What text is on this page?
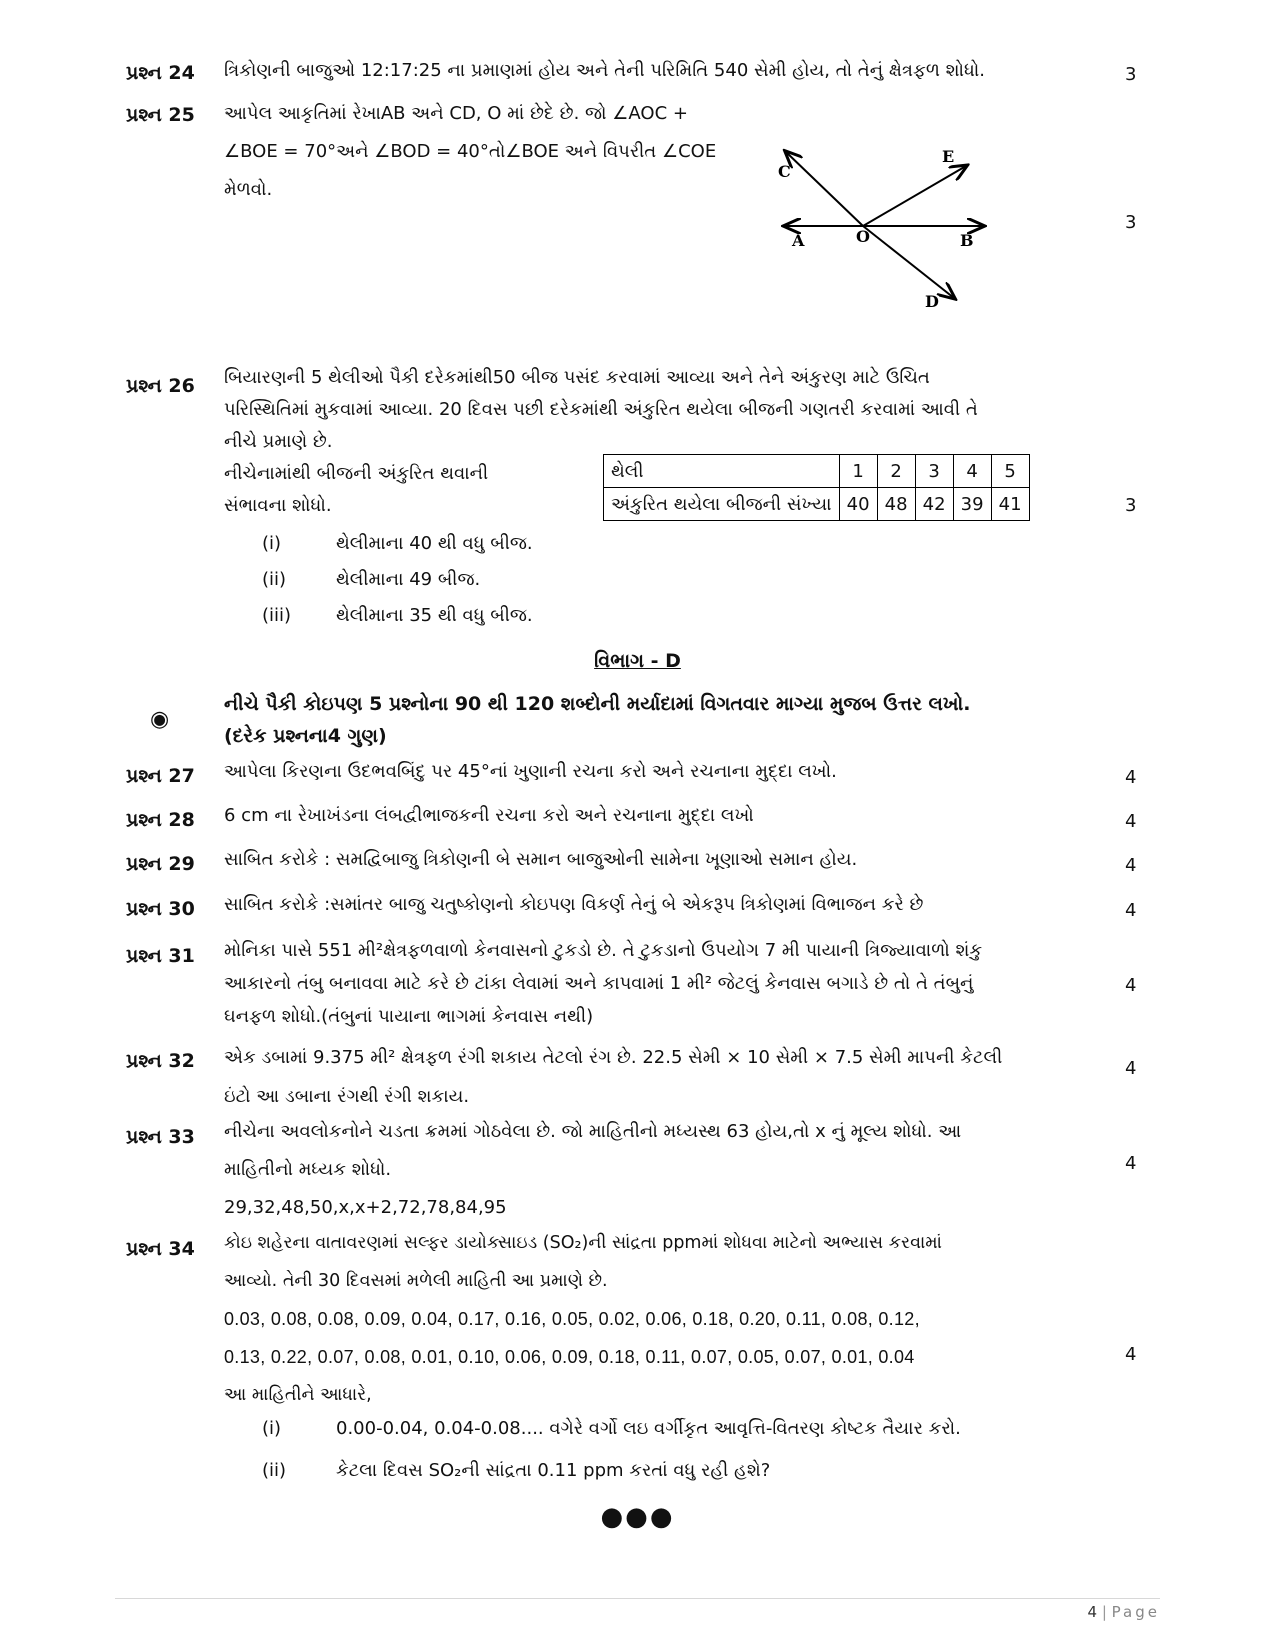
પ્રશ્ન 24 ત્રિકોણની બાજુઓ 12:17:25 ના પ્રમાણમાં હોય અને તેની પરિમિતિ 540 સેમી હોય, તો તેનું ક્ષેત્રફળ શોધો.	3
પ્રશ્ન 25 આપેલ આકૃતિમાં રેખાAB અને CD, O માં છેદે છે. જો ∠AOC +
∠BOE = 70°અને ∠BOD = 40°તો∠BOE અને વિપરીત ∠COE
મેળવો.
3
A	B
C
D
E
O
પ્રશ્ન 26 બિયારણની 5 થેલીઓ પૈકી દરેકમાંથી50 બીજ પસંદ કરવામાં આવ્યા અને તેને અંકુરણ માટે ઉચિત
પરિસ્થિતિમાં મુકવામાં આવ્યા. 20 દિવસ પછી દરેકમાંથી અંકુરિત થયેલા બીજની ગણતરી કરવામાં આવી તે
નીચે પ્રમાણે છે.
નીચેનામાંથી બીજની અંકુરિત થવાની
સંભાવના શોધો.	3
(i)	થેલીમાના 40 થી વધુ બીજ.
(ii)	થેલીમાના 49 બીજ.
(iii) થેલીમાના 35 થી વધુ બીજ.
થેલી	1	2	3	4	5
અંકુરિત થયેલા બીજની સંખ્યા	40	48	42	39	41
વિભાગ - D
◉
નીચે પૈકી કોઇપણ 5 પ્રશ્નોના 90 થી 120 શબ્દોની મર્યાદામાં વિગતવાર માગ્યા મુજબ ઉત્તર લખો.
(દરેક પ્રશ્નના4 ગુણ)
પ્રશ્ન 27 આપેલા કિરણના ઉદભવબિંદુ પર 45°નાં ખુણાની રચના કરો અને રચનાના મુદ્દા લખો.	4
પ્રશ્ન 28 6 cm ના રેખાખંડના લંબદ્વીભાજકની રચના કરો અને રચનાના મુદ્દા લખો	4
પ્રશ્ન 29 સાબિત કરોકે : સમદ્વિબાજુ ત્રિકોણની બે સમાન બાજુઓની સામેના ખૂણાઓ સમાન હોય.	4
પ્રશ્ન 30 સાબિત કરોકે :સમાંતર બાજુ ચતુષ્કોણનો કોઇપણ વિકર્ણ તેનું બે એકરૂપ ત્રિકોણમાં વિભાજન કરે છે	4
પ્રશ્ન 31 મોનિકા પાસે 551 મી²ક્ષેત્રફળવાળો કેનવાસનો ટુકડો છે. તે ટુકડાનો ઉપયોગ 7 મી પાયાની ત્રિજ્યાવાળો શંકુ
આકારનો તંબુ બનાવવા માટે કરે છે ટાંકા લેવામાં અને કાપવામાં 1 મી² જેટલું કેનવાસ બગાડે છે તો તે તંબુનું
ઘનફળ શોધો.(તંબુનાં પાયાના ભાગમાં કેનવાસ નથી)
4
પ્રશ્ન 32 એક ડબામાં 9.375 મી² ક્ષેત્રફળ રંગી શકાય તેટલો રંગ છે. 22.5 સેમી × 10 સેમી × 7.5 સેમી માપની કેટલી
ઇંટો આ ડબાના રંગથી રંગી શકાય.
4
પ્રશ્ન 33 નીચેના અવલોકનોને ચડતા ક્રમમાં ગોઠવેલા છે. જો માહિતીનો મધ્યસ્થ 63 હોય,તો x નું મૂલ્ય શોધો. આ
માહિતીનો મધ્યક શોધો.
29,32,48,50,x,x+2,72,78,84,95
4
પ્રશ્ન 34 કોઇ શહેરના વાતાવરણમાં સલ્ફર ડાયોક્સાઇડ (SO₂)ની સાંદ્રતા ppmમાં શોધવા માટેનો અભ્યાસ કરવામાં
આવ્યો. તેની 30 દિવસમાં મળેલી માહિતી આ પ્રમાણે છે.
0.03, 0.08, 0.08, 0.09, 0.04, 0.17, 0.16, 0.05, 0.02, 0.06, 0.18, 0.20, 0.11, 0.08, 0.12,
0.13, 0.22, 0.07, 0.08, 0.01, 0.10, 0.06, 0.09, 0.18, 0.11, 0.07, 0.05, 0.07, 0.01, 0.04
આ માહિતીને આધારે,
4
(i)	0.00-0.04, 0.04-0.08.... વગેરે વર્ગો લઇ વર્ગીકૃત આવૃત્તિ-વિતરણ કોષ્ટક તૈયાર કરો.
(ii)	કેટલા દિવસ SO₂ની સાંદ્રતા 0.11 ppm કરતાં વધુ રહી હશે?
●●●
4 | Page
